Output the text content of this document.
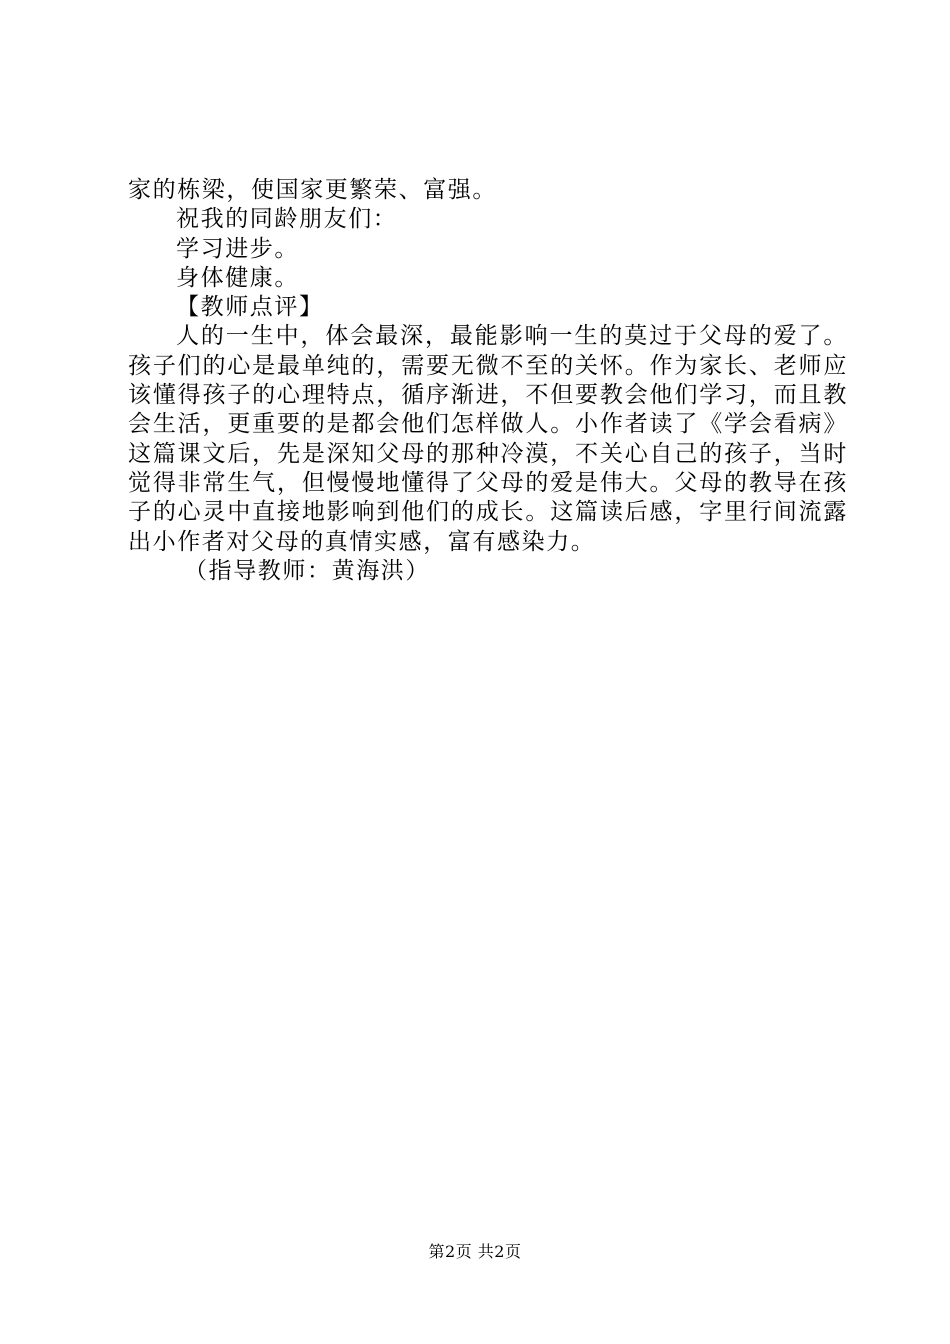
家的栋梁，使国家更繁荣、富强。

祝我的同龄朋友们：

学习进步。

身体健康。

【教师点评】

人的一生中，体会最深，最能影响一生的莫过于父母的爱了。孩子们的心是最单纯的，需要无微不至的关怀。作为家长、老师应该懂得孩子的心理特点，循序渐进，不但要教会他们学习，而且教会生活，更重要的是都会他们怎样做人。小作者读了《学会看病》这篇课文后，先是深知父母的那种冷漠，不关心自己的孩子，当时觉得非常生气，但慢慢地懂得了父母的爱是伟大。父母的教导在孩子的心灵中直接地影响到他们的成长。这篇读后感，字里行间流露出小作者对父母的真情实感，富有感染力。

（指导教师：黄海洪）

第2页 共2页
